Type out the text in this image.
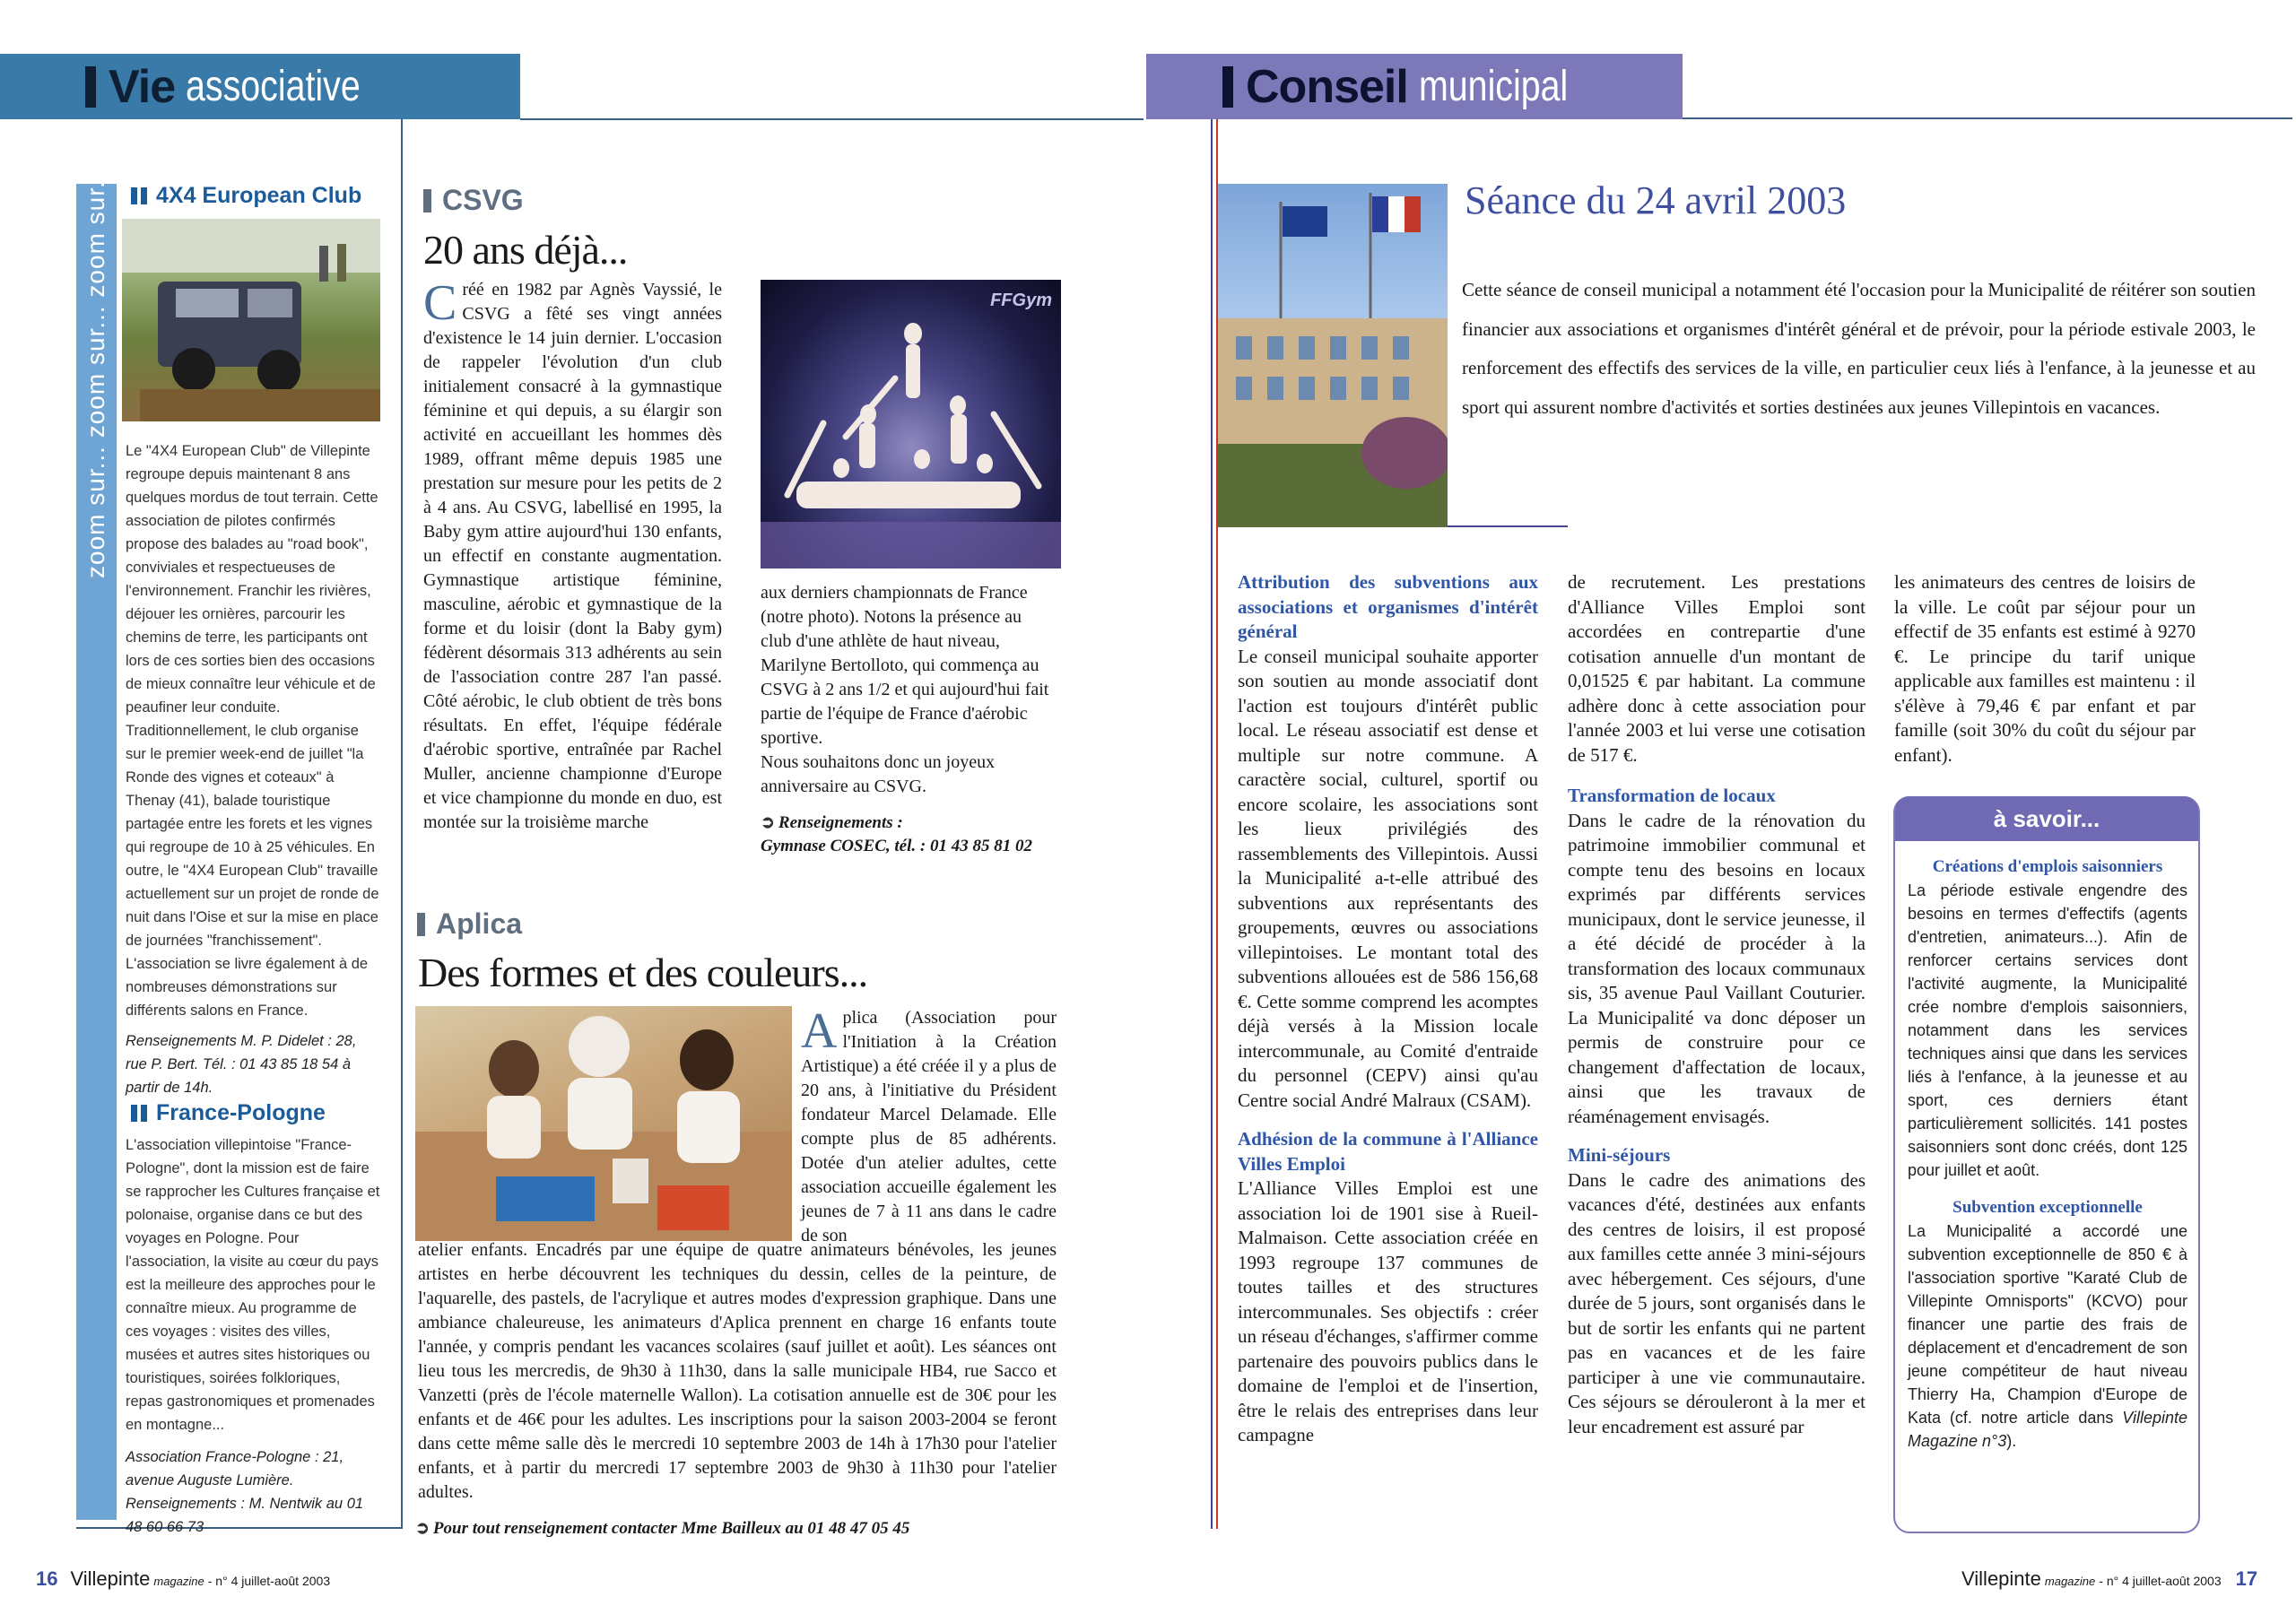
Vie associative
zoom sur... zoom sur... zoom sur... 4X4 European Club

Le "4X4 European Club" de Villepinte regroupe depuis maintenant 8 ans quelques mordus de tout terrain. Cette association de pilotes confirmés propose des balades au "road book", conviviales et respectueuses de l'environnement. Franchir les rivières, déjouer les ornières, parcourir les chemins de terre, les participants ont lors de ces sorties bien des occasions de mieux connaître leur véhicule et de peaufiner leur conduite. Traditionnellement, le club organise sur le premier week-end de juillet "la Ronde des vignes et coteaux" à Thenay (41), balade touristique partagée entre les forets et les vignes qui regroupe de 10 à 25 véhicules. En outre, le "4X4 European Club" travaille actuellement sur un projet de ronde de nuit dans l'Oise et sur la mise en place de journées "franchissement". L'association se livre également à de nombreuses démonstrations sur différents salons en France.

Renseignements M. P. Didelet : 28, rue P. Bert. Tél. : 01 43 85 18 54 à partir de 14h.

France-Pologne

L'association villepintoise "France-Pologne", dont la mission est de faire se rapprocher les Cultures française et polonaise, organise dans ce but des voyages en Pologne. Pour l'association, la visite au cœur du pays est la meilleure des approches pour le connaître mieux. Au programme de ces voyages : visites des villes, musées et autres sites historiques ou touristiques, soirées folkloriques, repas gastronomiques et promenades en montagne...

Association France-Pologne : 21, avenue Auguste Lumière. Renseignements : M. Nentwik au 01 48 60 66 73

CSVG
20 ans déjà...
Créé en 1982 par Agnès Vayssié, le CSVG a fêté ses vingt années d'existence le 14 juin dernier. L'occasion de rappeler l'évolution d'un club initialement consacré à la gymnastique féminine et qui depuis, a su élargir son activité en accueillant les hommes dès 1989, offrant même depuis 1985 une prestation sur mesure pour les petits de 2 à 4 ans. Au CSVG, labellisé en 1995, la Baby gym attire aujourd'hui 130 enfants, un effectif en constante augmentation. Gymnastique artistique féminine, masculine, aérobic et gymnastique de la forme et du loisir (dont la Baby gym) fédèrent désormais 313 adhérents au sein de l'association contre 287 l'an passé. Côté aérobic, le club obtient de très bons résultats. En effet, l'équipe fédérale d'aérobic sportive, entraînée par Rachel Muller, ancienne championne d'Europe et vice championne du monde en duo, est montée sur la troisième marche
FFGym

aux derniers championnats de France (notre photo). Notons la présence au club d'une athlète de haut niveau, Marilyne Bertolloto, qui commença au CSVG à 2 ans 1/2 et qui aujourd'hui fait partie de l'équipe de France d'aérobic sportive.

Nous souhaitons donc un joyeux anniversaire au CSVG.

➲ Renseignements :
Gymnase COSEC, tél. : 01 43 85 81 02
Aplica
Des formes et des couleurs...
Aplica (Association pour l'Initiation à la Création Artistique) a été créée il y a plus de 20 ans, à l'initiative du Président fondateur Marcel Delamade. Elle compte plus de 85 adhérents. Dotée d'un atelier adultes, cette association accueille également les jeunes de 7 à 11 ans dans le cadre de son
atelier enfants. Encadrés par une équipe de quatre animateurs bénévoles, les jeunes artistes en herbe découvrent les techniques du dessin, celles de la peinture, de l'aquarelle, des pastels, de l'acrylique et autres modes d'expression graphique. Dans une ambiance chaleureuse, les animateurs d'Aplica prennent en charge 16 enfants toute l'année, y compris pendant les vacances scolaires (sauf juillet et août). Les séances ont lieu tous les mercredis, de 9h30 à 11h30, dans la salle municipale HB4, rue Sacco et Vanzetti (près de l'école maternelle Wallon). La cotisation annuelle est de 30€ pour les enfants et de 46€ pour les adultes. Les inscriptions pour la saison 2003-2004 se feront dans cette même salle dès le mercredi 10 septembre 2003 de 14h à 17h30 pour l'atelier enfants, et à partir du mercredi 17 septembre 2003 de 9h30 à 11h30 pour l'atelier adultes.
➲ Pour tout renseignement contacter Mme Bailleux au 01 48 47 05 45
16 Villepinte magazine - n° 4 juillet-août 2003
Conseil municipal
Séance du 24 avril 2003
Cette séance de conseil municipal a notamment été l'occasion pour la Municipalité de réitérer son soutien financier aux associations et organismes d'intérêt général et de prévoir, pour la période estivale 2003, le renforcement des effectifs des services de la ville, en particulier ceux liés à l'enfance, à la jeunesse et au sport qui assurent nombre d'activités et sorties destinées aux jeunes Villepintois en vacances.

Attribution des subventions aux associations et organismes d'intérêt général

Le conseil municipal souhaite apporter son soutien au monde associatif dont l'action est toujours d'intérêt public local. Le réseau associatif est dense et multiple sur notre commune. A caractère social, culturel, sportif ou encore scolaire, les associations sont les lieux privilégiés des rassemblements des Villepintois. Aussi la Municipalité a-t-elle attribué des subventions aux représentants des groupements, œuvres ou associations villepintoises. Le montant total des subventions allouées est de 586 156,68 €. Cette somme comprend les acomptes déjà versés à la Mission locale intercommunale, au Comité d'entraide du personnel (CEPV) ainsi qu'au Centre social André Malraux (CSAM).

Adhésion de la commune à l'Alliance Villes Emploi

L'Alliance Villes Emploi est une association loi de 1901 sise à Rueil-Malmaison. Cette association créée en 1993 regroupe 137 communes de toutes tailles et des structures intercommunales. Ses objectifs : créer un réseau d'échanges, s'affirmer comme partenaire des pouvoirs publics dans le domaine de l'emploi et de l'insertion, être le relais des entreprises dans leur campagne

de recrutement. Les prestations d'Alliance Villes Emploi sont accordées en contrepartie d'une cotisation annuelle d'un montant de 0,01525 € par habitant. La commune adhère donc à cette association pour l'année 2003 et lui verse une cotisation de 517 €.

Transformation de locaux

Dans le cadre de la rénovation du patrimoine immobilier communal et compte tenu des besoins en locaux exprimés par différents services municipaux, dont le service jeunesse, il a été décidé de procéder à la transformation des locaux communaux sis, 35 avenue Paul Vaillant Couturier. La Municipalité va donc déposer un permis de construire pour ce changement d'affectation de locaux, ainsi que les travaux de réaménagement envisagés.

Mini-séjours

Dans le cadre des animations des vacances d'été, destinées aux enfants des centres de loisirs, il est proposé aux familles cette année 3 mini-séjours avec hébergement. Ces séjours, d'une durée de 5 jours, sont organisés dans le but de sortir les enfants qui ne partent pas en vacances et de les faire participer à une vie communautaire. Ces séjours se dérouleront à la mer et leur encadrement est assuré par

les animateurs des centres de loisirs de la ville. Le coût par séjour pour un effectif de 35 enfants est estimé à 9270 €. Le principe du tarif unique applicable aux familles est maintenu : il s'élève à 79,46 € par enfant et par famille (soit 30% du coût du séjour par enfant).
à savoir...

Créations d'emplois saisonniers

La période estivale engendre des besoins en termes d'effectifs (agents d'entretien, animateurs...). Afin de renforcer certains services dont l'activité augmente, la Municipalité crée nombre d'emplois saisonniers, notamment dans les services techniques ainsi que dans les services liés à l'enfance, à la jeunesse et au sport, ces derniers étant particulièrement sollicités. 141 postes saisonniers sont donc créés, dont 125 pour juillet et août.

Subvention exceptionnelle

La Municipalité a accordé une subvention exceptionnelle de 850 € à l'association sportive "Karaté Club de Villepinte Omnisports" (KCVO) pour financer une partie des frais de déplacement et d'encadrement de son jeune compétiteur de haut niveau Thierry Ha, Champion d'Europe de Kata (cf. notre article dans Villepinte Magazine n°3).

Villepinte magazine - n° 4 juillet-août 2003 17
